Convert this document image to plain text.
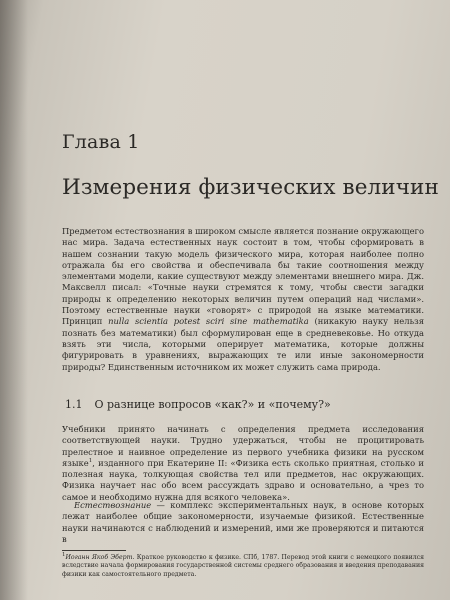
Глава 1
Измерения физических величин

Предметом естествознания в широком смысле является познание окружающего нас мира. Задача естественных наук состоит в том, чтобы сформировать в нашем сознании такую модель физического мира, которая наиболее полно отражала бы его свойства и обеспечивала бы такие соотношения между элементами модели, какие существуют между элементами внешнего мира. Дж. Максвелл писал: «Точные науки стремятся к тому, чтобы свести загадки природы к определению некоторых величин путем операций над числами». Поэтому естественные науки «говорят» с природой на языке математики. Принцип nulla scientia potest sciri sine mathematika (никакую науку нельзя познать без математики) был сформулирован еще в средневековье. Но откуда взять эти числа, которыми оперирует математика, которые должны фигурировать в уравнениях, выражающих те или иные закономерности природы? Единственным источником их может служить сама природа.

1.1 О разнице вопросов «как?» и «почему?»

Учебники принято начинать с определения предмета исследования соответствующей науки. Трудно удержаться, чтобы не процитировать прелестное и наивное определение из первого учебника физики на русском языке$^1$, изданного при Екатерине II: «Физика есть сколько приятная, столько и полезная наука, толкующая свойства тел или предметов, нас окружающих. Физика научает нас обо всем рассуждать здраво и основательно, а чрез то самое и необходимо нужна для всякого человека».

Естествознание — комплекс экспериментальных наук, в основе которых лежат наиболее общие закономерности, изучаемые физикой. Естественные науки начинаются с наблюдений и измерений, ими же проверяются и питаются в

$^1$Иоганн Якоб Эберт. Краткое руководство к физике. СПб, 1787. Перевод этой книги с немецкого появился вследствие начала формирования государственной системы среднего образования и введения преподавания физики как самостоятельного предмета.
